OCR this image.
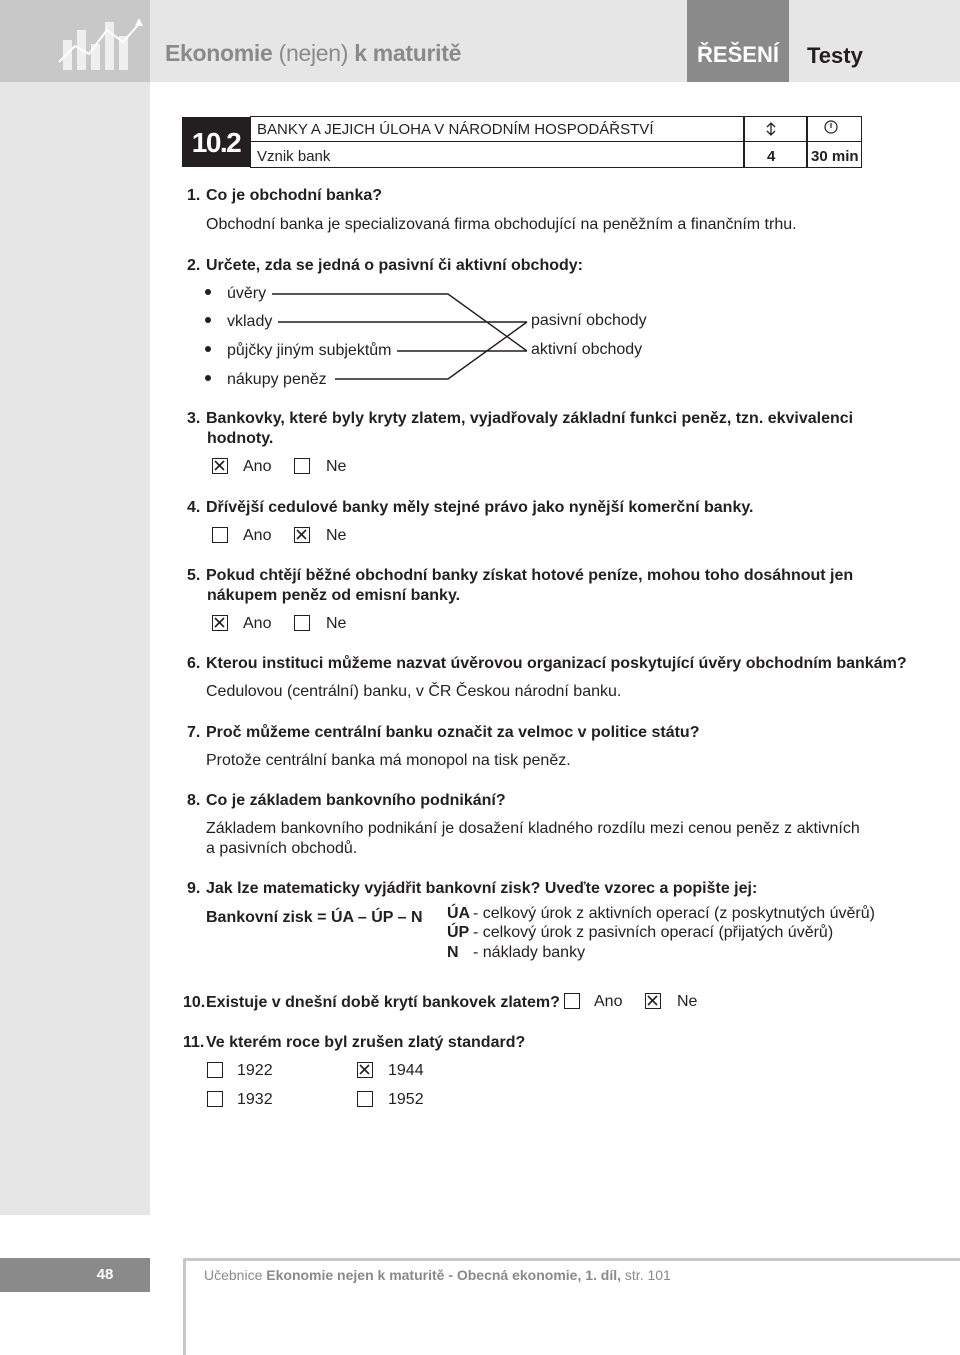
Ekonomie (nejen) k maturitě	ŘEŠENÍ	Testy
10.2	BANKY A JEJICH ÚLOHA V NÁRODNÍM HOSPODÁŘSTVÍ
Vznik bank	4 30 min
1. Co je obchodní banka?
Obchodní banka je specializovaná firma obchodující na peněžním a finančním trhu.
2. Určete, zda se jedná o pasivní či aktivní obchody:
úvěry
vklady
půjčky jiným subjektům
nákupy peněz
pasivní obchody
aktivní obchody
3. Bankovky, které byly kryty zlatem, vyjadřovaly základní funkci peněz, tzn. ekvivalenci
hodnoty.
Ano	Ne
4. Dřívější cedulové banky měly stejné právo jako nynější komerční banky.
Ano	Ne
5. Pokud chtějí běžné obchodní banky získat hotové peníze, mohou toho dosáhnout jen
nákupem peněz od emisní banky.
Ano	Ne
6. Kterou instituci můžeme nazvat úvěrovou organizací poskytující úvěry obchodním bankám?
Cedulovou (centrální) banku, v ČR Českou národní banku.
7. Proč můžeme centrální banku označit za velmoc v politice státu?
Protože centrální banka má monopol na tisk peněz.
8. Co je základem bankovního podnikání?
Základem bankovního podnikání je dosažení kladného rozdílu mezi cenou peněz z aktivních
a pasivních obchodů.
9. Jak lze matematicky vyjádřit bankovní zisk? Uveďte vzorec a popište jej:
Bankovní zisk = ÚA – ÚP – N ÚA - celkový úrok z aktivních operací (z poskytnutých úvěrů)
ÚP - celkový úrok z pasivních operací (přijatých úvěrů)
N - náklady banky
10.Existuje v dnešní době krytí bankovek zlatem? Ano	Ne
11. Ve kterém roce byl zrušen zlatý standard?
1922	1944
1932	1952
48	Učebnice Ekonomie nejen k maturitě - Obecná ekonomie, 1. díl, str. 101
